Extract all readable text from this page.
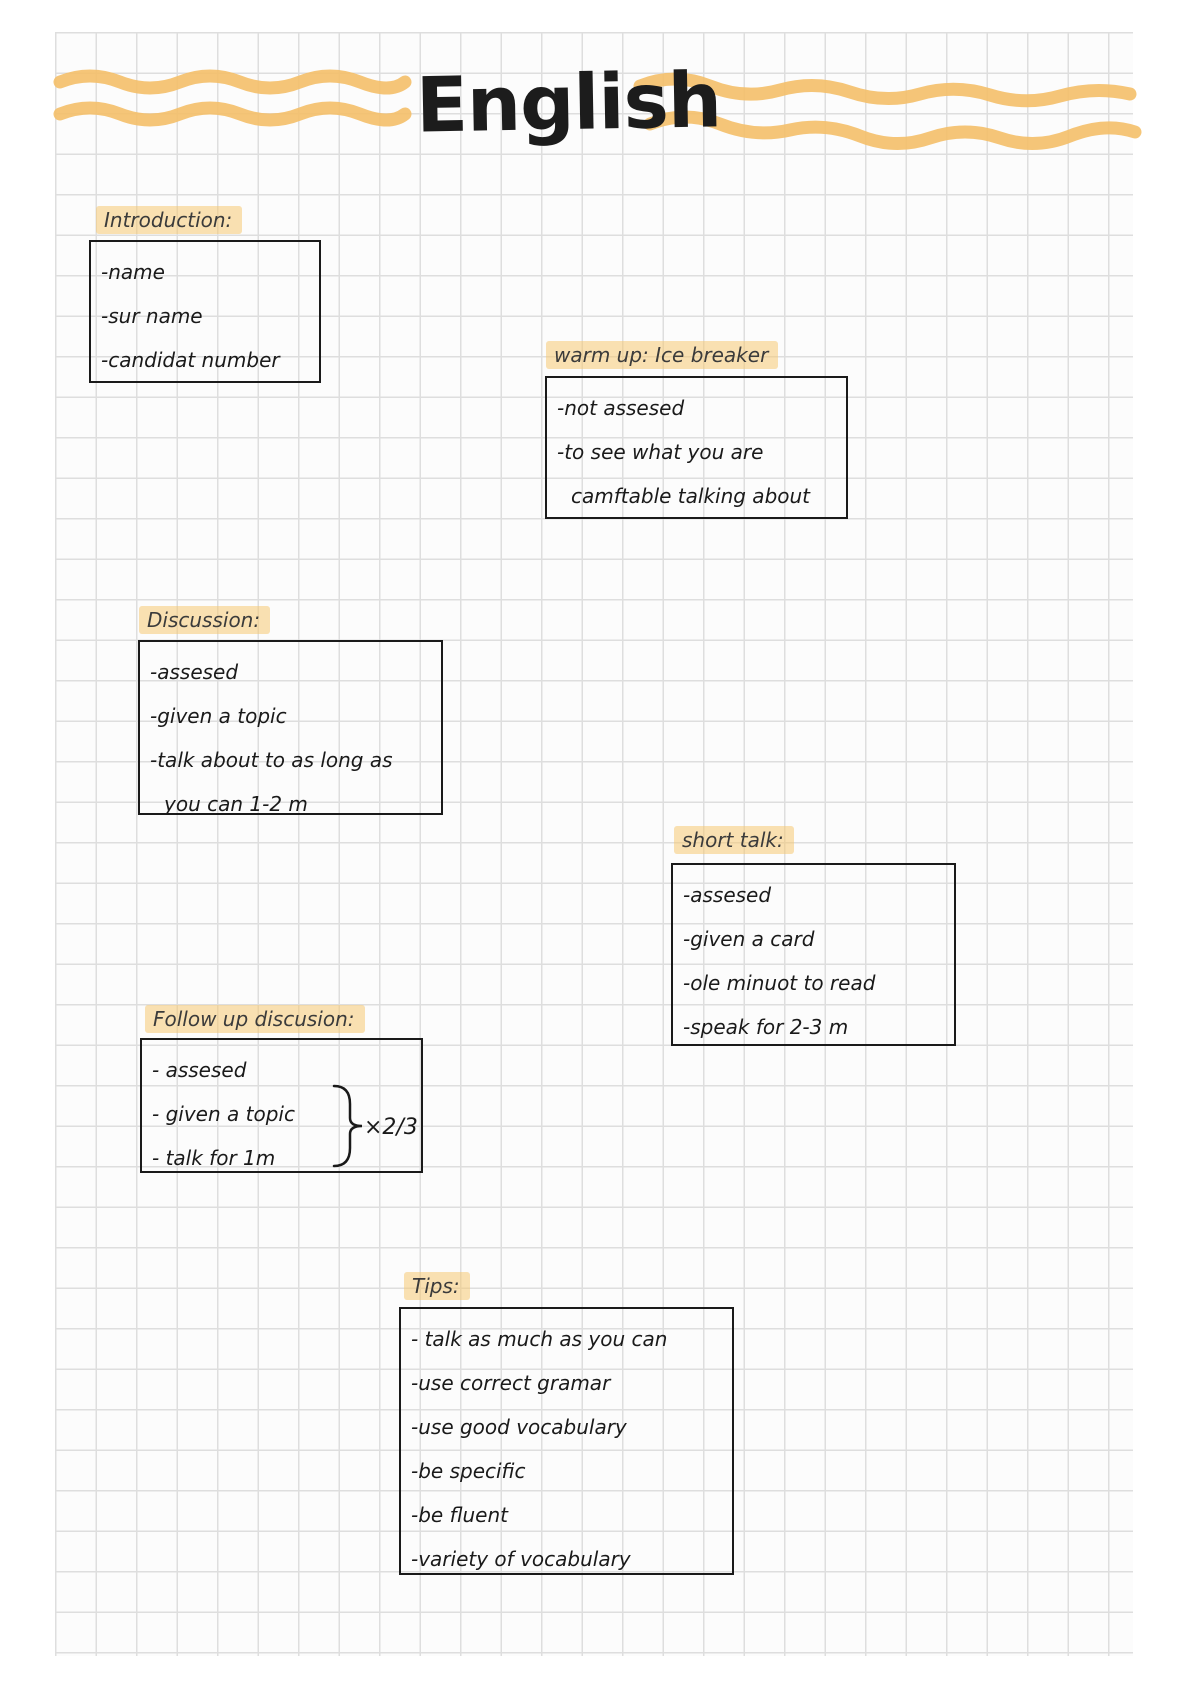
English

Introduction:

-name
-sur name
-candidat number	warm up: Ice breaker

-not assesed
-to see what you are
camftable talking about

Discussion:

-assesed
-given a topic
-talk about to as long as
you can 1-2 m

short talk:

-assesed
-given a card
-ole minuot to read
-speak for 2-3 m

Follow up discusion:

- assesed
- given a topic
- talk for 1m

×2/3

Tips:

- talk as much as you can
-use correct gramar
-use good vocabulary
-be specific
-be fluent
-variety of vocabulary
